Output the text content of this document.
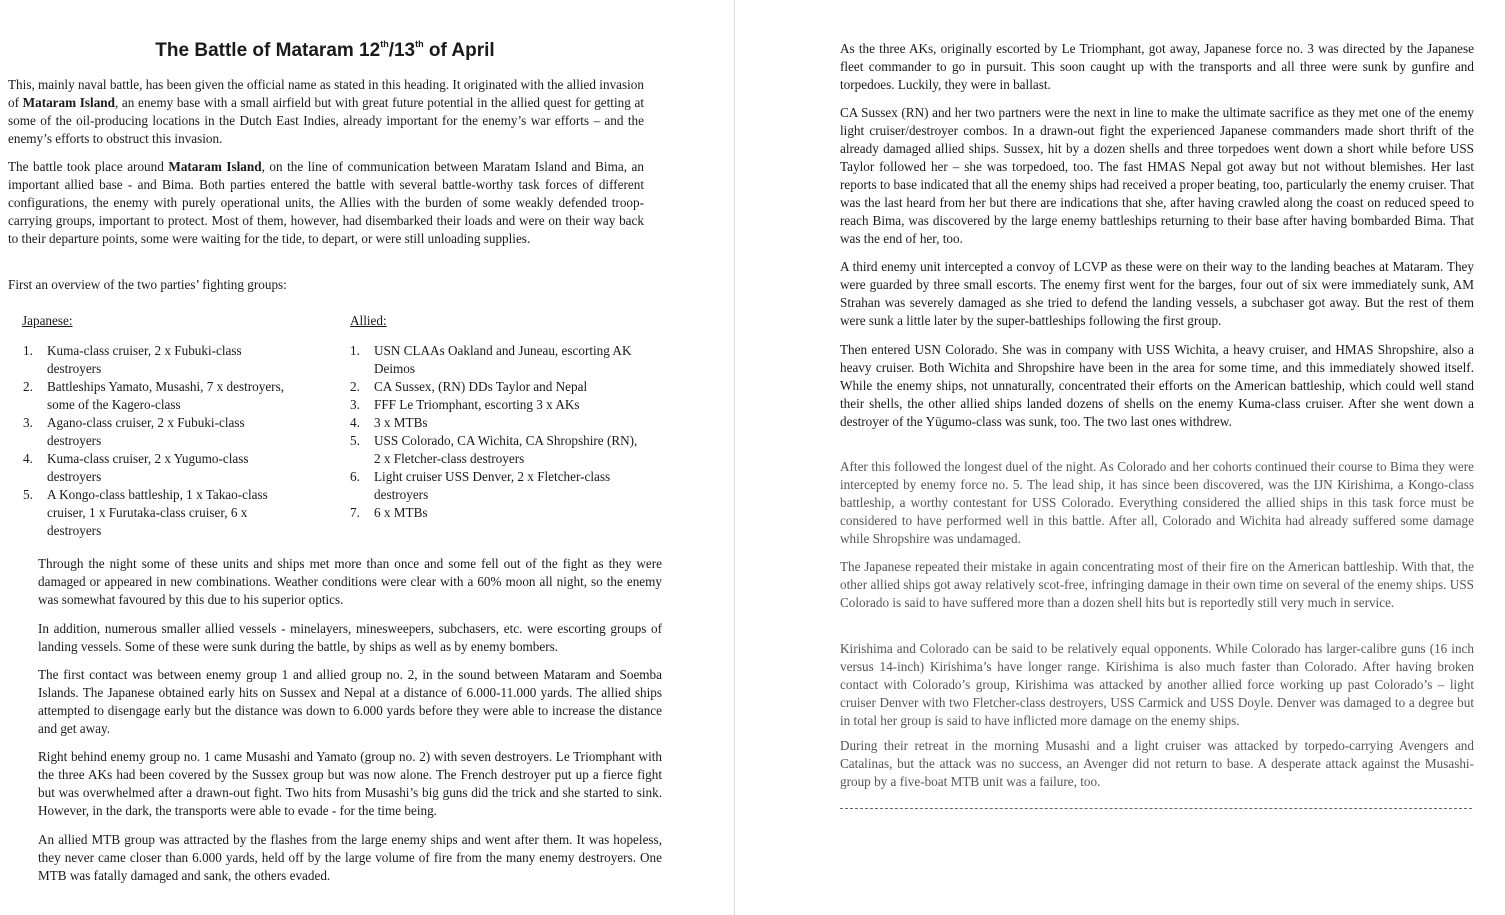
The Battle of Mataram 12th/13th of April

This, mainly naval battle, has been given the official name as stated in this heading. It originated with the allied invasion of Mataram Island, an enemy base with a small airfield but with great future potential in the allied quest for getting at some of the oil-producing locations in the Dutch East Indies, already important for the enemy’s war efforts – and the enemy’s efforts to obstruct this invasion.

The battle took place around Mataram Island, on the line of communication between Maratam Island and Bima, an important allied base - and Bima. Both parties entered the battle with several battle-worthy task forces of different configurations, the enemy with purely operational units, the Allies with the burden of some weakly defended troop-carrying groups, important to protect. Most of them, however, had disembarked their loads and were on their way back to their departure points, some were waiting for the tide, to depart, or were still unloading supplies.

First an overview of the two parties’ fighting groups:

Japanese:	Allied:
1. Kuma-class cruiser, 2 x Fubuki-class destroyers
2. Battleships Yamato, Musashi, 7 x destroyers, some of the Kagero-class
3. Agano-class cruiser, 2 x Fubuki-class destroyers
4. Kuma-class cruiser, 2 x Yugumo-class destroyers
5. A Kongo-class battleship, 1 x Takao-class cruiser, 1 x Furutaka-class cruiser, 6 x destroyers
1. USN CLAAs Oakland and Juneau, escorting AK Deimos
2. CA Sussex, (RN) DDs Taylor and Nepal
3. FFF Le Triomphant, escorting 3 x AKs
4. 3 x MTBs
5. USS Colorado, CA Wichita, CA Shropshire (RN), 2 x Fletcher-class destroyers
6. Light cruiser USS Denver, 2 x Fletcher-class destroyers
7. 6 x MTBs

Through the night some of these units and ships met more than once and some fell out of the fight as they were damaged or appeared in new combinations. Weather conditions were clear with a 60% moon all night, so the enemy was somewhat favoured by this due to his superior optics.

In addition, numerous smaller allied vessels - minelayers, minesweepers, subchasers, etc. were escorting groups of landing vessels. Some of these were sunk during the battle, by ships as well as by enemy bombers.

The first contact was between enemy group 1 and allied group no. 2, in the sound between Mataram and Soemba Islands. The Japanese obtained early hits on Sussex and Nepal at a distance of 6.000-11.000 yards. The allied ships attempted to disengage early but the distance was down to 6.000 yards before they were able to increase the distance and get away.

Right behind enemy group no. 1 came Musashi and Yamato (group no. 2) with seven destroyers. Le Triomphant with the three AKs had been covered by the Sussex group but was now alone. The French destroyer put up a fierce fight but was overwhelmed after a drawn-out fight. Two hits from Musashi’s big guns did the trick and she started to sink. However, in the dark, the transports were able to evade - for the time being.

An allied MTB group was attracted by the flashes from the large enemy ships and went after them. It was hopeless, they never came closer than 6.000 yards, held off by the large volume of fire from the many enemy destroyers. One MTB was fatally damaged and sank, the others evaded.

As the three AKs, originally escorted by Le Triomphant, got away, Japanese force no. 3 was directed by the Japanese fleet commander to go in pursuit. This soon caught up with the transports and all three were sunk by gunfire and torpedoes. Luckily, they were in ballast.

CA Sussex (RN) and her two partners were the next in line to make the ultimate sacrifice as they met one of the enemy light cruiser/destroyer combos. In a drawn-out fight the experienced Japanese commanders made short thrift of the already damaged allied ships. Sussex, hit by a dozen shells and three torpedoes went down a short while before USS Taylor followed her – she was torpedoed, too. The fast HMAS Nepal got away but not without blemishes. Her last reports to base indicated that all the enemy ships had received a proper beating, too, particularly the enemy cruiser. That was the last heard from her but there are indications that she, after having crawled along the coast on reduced speed to reach Bima, was discovered by the large enemy battleships returning to their base after having bombarded Bima. That was the end of her, too.

A third enemy unit intercepted a convoy of LCVP as these were on their way to the landing beaches at Mataram. They were guarded by three small escorts. The enemy first went for the barges, four out of six were immediately sunk, AM Strahan was severely damaged as she tried to defend the landing vessels, a subchaser got away. But the rest of them were sunk a little later by the super-battleships following the first group.

Then entered USN Colorado. She was in company with USS Wichita, a heavy cruiser, and HMAS Shropshire, also a heavy cruiser. Both Wichita and Shropshire have been in the area for some time, and this immediately showed itself. While the enemy ships, not unnaturally, concentrated their efforts on the American battleship, which could well stand their shells, the other allied ships landed dozens of shells on the enemy Kuma-class cruiser. After she went down a destroyer of the Yūgumo-class was sunk, too. The two last ones withdrew.

After this followed the longest duel of the night. As Colorado and her cohorts continued their course to Bima they were intercepted by enemy force no. 5. The lead ship, it has since been discovered, was the IJN Kirishima, a Kongo-class battleship, a worthy contestant for USS Colorado. Everything considered the allied ships in this task force must be considered to have performed well in this battle. After all, Colorado and Wichita had already suffered some damage while Shropshire was undamaged.

The Japanese repeated their mistake in again concentrating most of their fire on the American battleship. With that, the other allied ships got away relatively scot-free, infringing damage in their own time on several of the enemy ships. USS Colorado is said to have suffered more than a dozen shell hits but is reportedly still very much in service.

Kirishima and Colorado can be said to be relatively equal opponents. While Colorado has larger-calibre guns (16 inch versus 14-inch) Kirishima’s have longer range. Kirishima is also much faster than Colorado. After having broken contact with Colorado’s group, Kirishima was attacked by another allied force working up past Colorado’s – light cruiser Denver with two Fletcher-class destroyers, USS Carmick and USS Doyle. Denver was damaged to a degree but in total her group is said to have inflicted more damage on the enemy ships.

During their retreat in the morning Musashi and a light cruiser was attacked by torpedo-carrying Avengers and Catalinas, but the attack was no success, an Avenger did not return to base. A desperate attack against the Musashi-group by a five-boat MTB unit was a failure, too.
